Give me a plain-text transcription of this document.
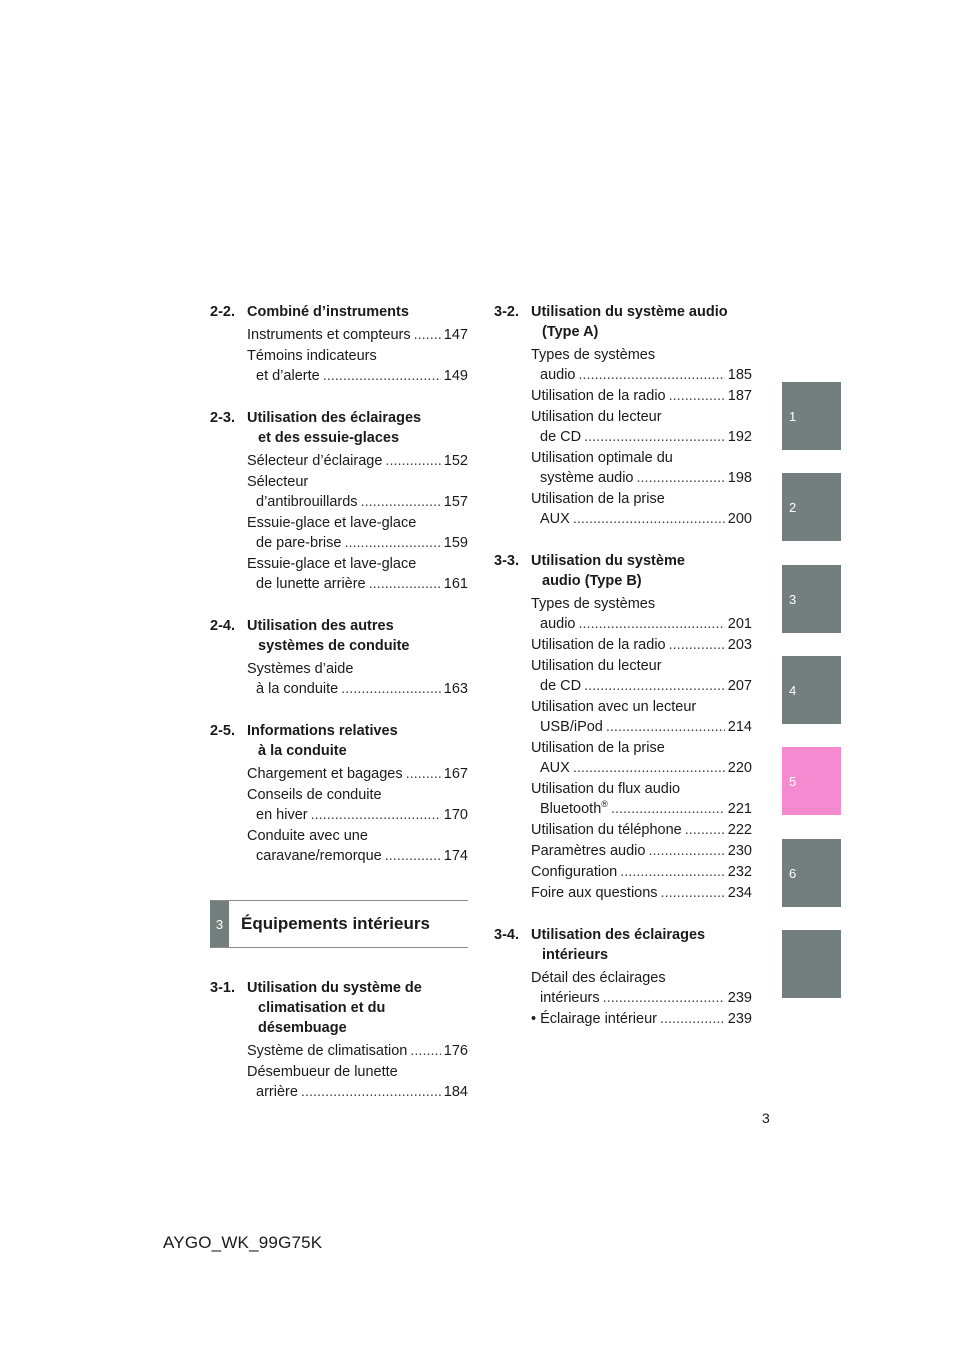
2-2. Combiné d’instruments
Instruments et compteurs ..... 147
Témoins indicateurs
et d’alerte .....	149
2-3. Utilisation des éclairages
et des essuie-glaces
Sélecteur d’éclairage .....	152
Sélecteur
d’antibrouillards .....	157
Essuie-glace et lave-glace
de pare-brise .....	159
Essuie-glace et lave-glace
de lunette arrière .....	161
2-4. Utilisation des autres
systèmes de conduite
Systèmes d’aide
à la conduite .....	163
2-5. Informations relatives
à la conduite
Chargement et bagages .....	167
Conseils de conduite
en hiver .....	170
Conduite avec une
caravane/remorque .....	174
3	Équipements intérieurs
3-1. Utilisation du système de
climatisation et du
désembuage
Système de climatisation .....	176
Désembueur de lunette
arrière .....	184
3-2. Utilisation du système audio
(Type A)
Types de systèmes
audio .....	185
Utilisation de la radio .....	187
Utilisation du lecteur
de CD .....	192
Utilisation optimale du
système audio .....	198
Utilisation de la prise
AUX .....	200
3-3. Utilisation du système
audio (Type B)
Types de systèmes
audio .....	201
Utilisation de la radio .....	203
Utilisation du lecteur
de CD .....	207
Utilisation avec un lecteur
USB/iPod .....	214
Utilisation de la prise
AUX .....	220
Utilisation du flux audio
Bluetooth® .....	221
Utilisation du téléphone .....	222
Paramètres audio .....	230
Configuration .....	232
Foire aux questions .....	234
3-4. Utilisation des éclairages
intérieurs
Détail des éclairages
intérieurs .....	239
• Éclairage intérieur .....	239
1
2
3
4
5
6
3
AYGO_WK_99G75K
